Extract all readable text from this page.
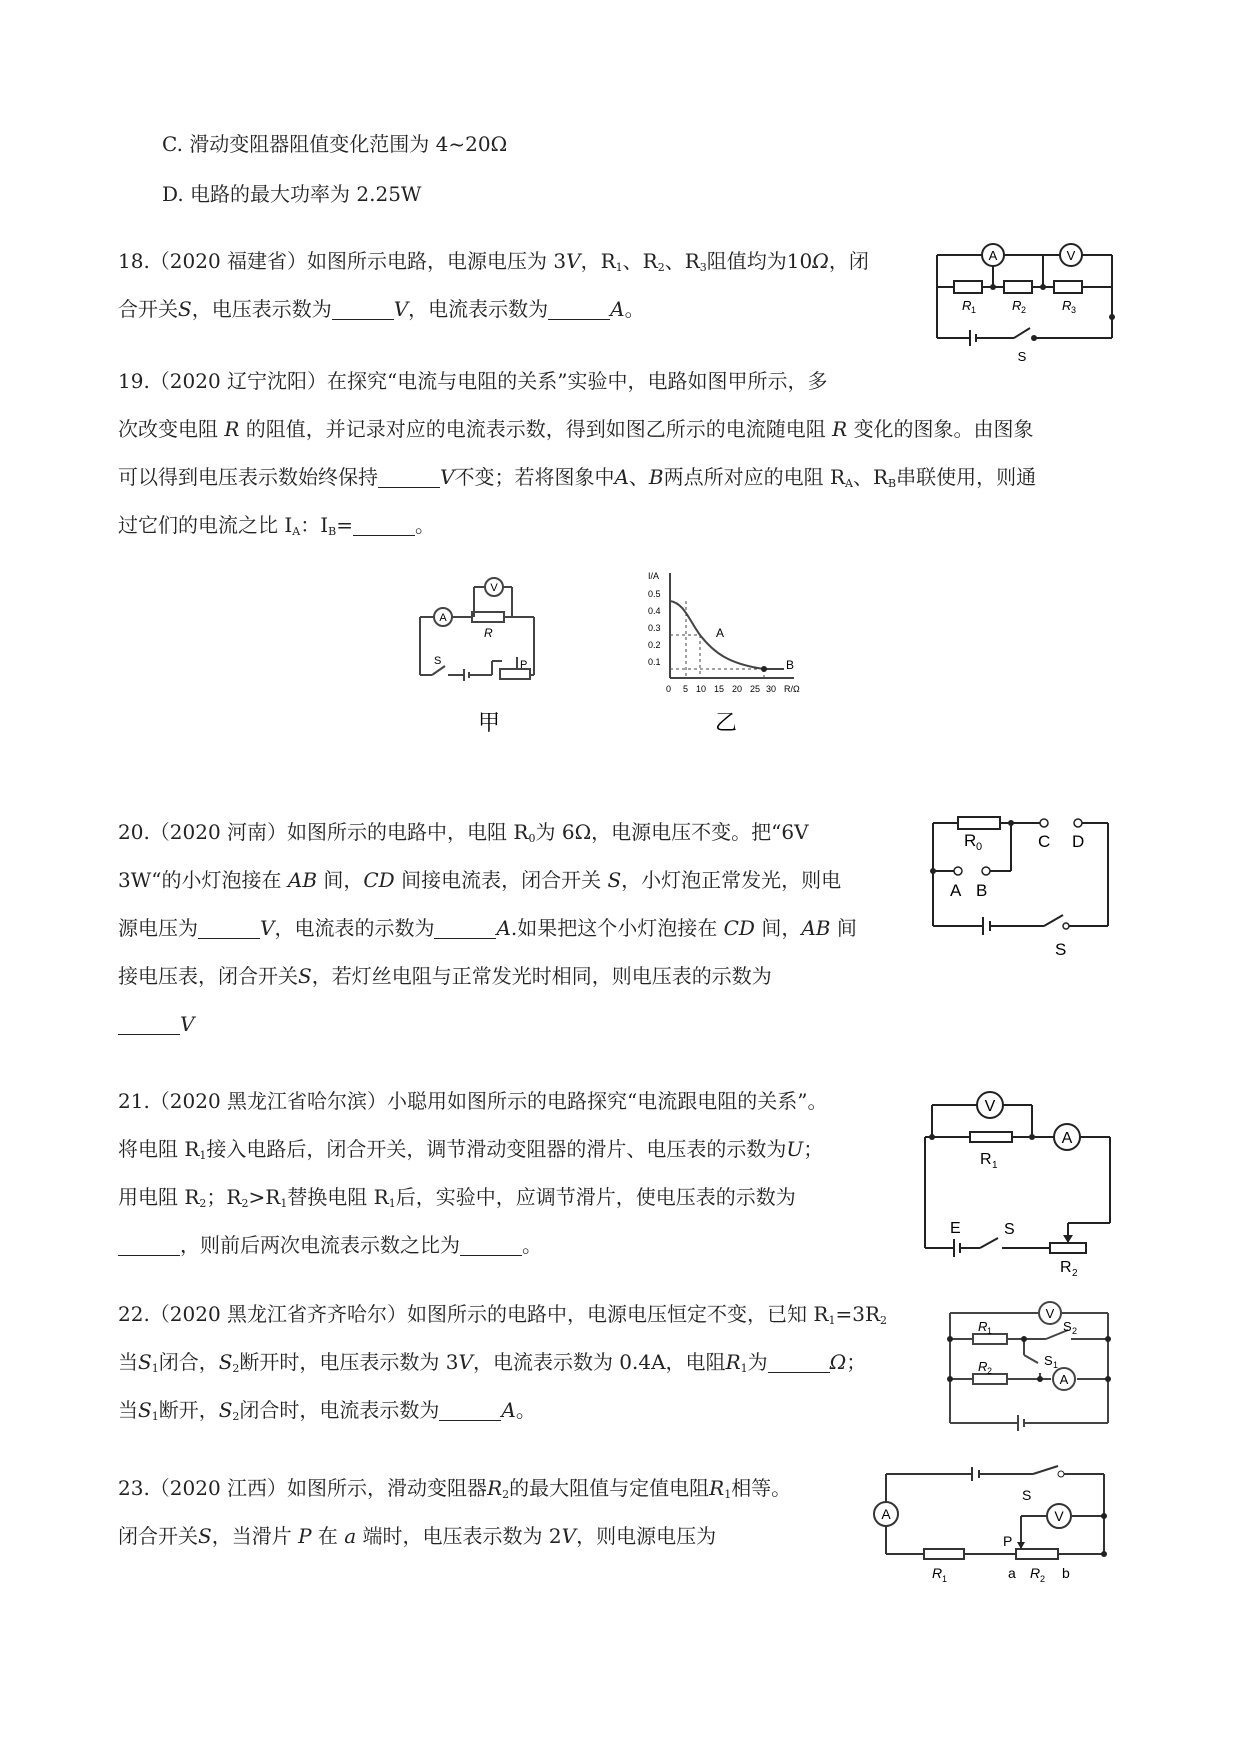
C. 滑动变阻器阻值变化范围为 4~20Ω
D. 电路的最大功率为 2.25W
18.（2020 福建省）如图所示电路，电源电压为 3V，$R_1$、$R_2$、$R_3$阻值均为10Ω，闭
合开关S，电压表示数为	V，电流表示数为	A。
A	V
R 1	R 2	R 3
S
19.（2020 辽宁沈阳）在探究“电流与电阻的关系”实验中，电路如图甲所示，多
次改变电阻 R 的阻值，并记录对应的电流表示数，得到如图乙所示的电流随电阻 R 变化的图象。由图象
可以得到电压表示数始终保持	V不变；若将图象中A、B两点所对应的电阻 $R_A$、$R_B$串联使用，则通
过它们的电流之比 $I_A$：$I_B=$	。
A
V
R
S	P
甲
I/A
0.5
0.4
0.3
0.2
0.1
0 5 10 15 20 25 30 R/Ω
A
B
乙
20.（2020 河南）如图所示的电路中，电阻 $R_0$为 6Ω，电源电压不变。把“6V
3W“的小灯泡接在 AB 间，CD 间接电流表，闭合开关 S，小灯泡正常发光，则电
源电压为	V，电流表的示数为	A.如果把这个小灯泡接在 CD 间，AB 间
接电压表，闭合开关S，若灯丝电阻与正常发光时相同，则电压表的示数为
V
R 0	C D
A B
S
21.（2020 黑龙江省哈尔滨）小聪用如图所示的电路探究“电流跟电阻的关系”。
将电阻 $R_1$接入电路后，闭合开关，调节滑动变阻器的滑片、电压表的示数为U；
用电阻 $R_2$；$R_2>R_1$替换电阻 $R_1$后，实验中，应调节滑片，使电压表的示数为
，则前后两次电流表示数之比为	。
V
A
R 1
R 2
E	S
22.（2020 黑龙江省齐齐哈尔）如图所示的电路中，电源电压恒定不变，已知 $R_1=3R_2$
当$S_1$闭合，$S_2$断开时，电压表示数为 3V，电流表示数为 0.4A，电阻$R_1$为	Ω；
当$S_1$断开，$S_2$闭合时，电流表示数为	A。
V
A
R 1
R 2
S 2
S 1
23.（2020 江西）如图所示，滑动变阻器$R_2$的最大阻值与定值电阻$R_1$相等。
闭合开关S，当滑片 P 在 a 端时，电压表示数为 2V，则电源电压为
A	V
S
P
R 1	R 2
a	b
